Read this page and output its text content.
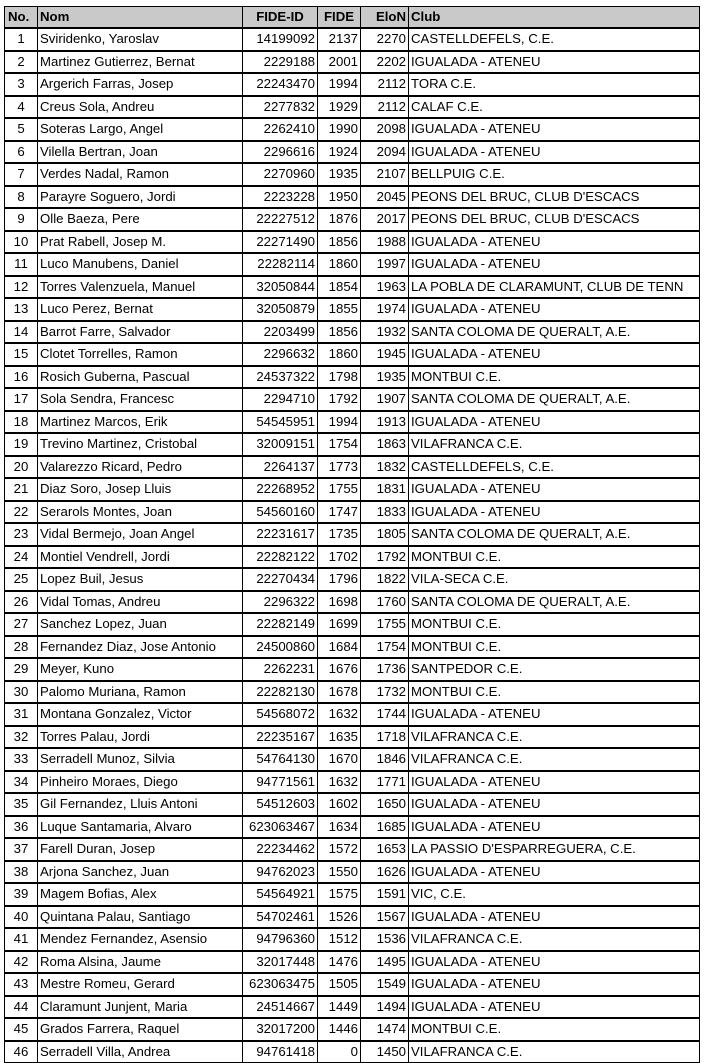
No.	Nom	FIDE-ID	FIDE	EloN	Club
1	Sviridenko, Yaroslav	14199092	2137	2270	CASTELLDEFELS, C.E.
2	Martinez Gutierrez, Bernat	2229188	2001	2202	IGUALADA - ATENEU
3	Argerich Farras, Josep	22243470	1994	2112	TORA C.E.
4	Creus Sola, Andreu	2277832	1929	2112	CALAF C.E.
5	Soteras Largo, Angel	2262410	1990	2098	IGUALADA - ATENEU
6	Vilella Bertran, Joan	2296616	1924	2094	IGUALADA - ATENEU
7	Verdes Nadal, Ramon	2270960	1935	2107	BELLPUIG C.E.
8	Parayre Soguero, Jordi	2223228	1950	2045	PEONS DEL BRUC, CLUB D'ESCACS
9	Olle Baeza, Pere	22227512	1876	2017	PEONS DEL BRUC, CLUB D'ESCACS
10	Prat Rabell, Josep M.	22271490	1856	1988	IGUALADA - ATENEU
11	Luco Manubens, Daniel	22282114	1860	1997	IGUALADA - ATENEU
12	Torres Valenzuela, Manuel	32050844	1854	1963	LA POBLA DE CLARAMUNT, CLUB DE TENN
13	Luco Perez, Bernat	32050879	1855	1974	IGUALADA - ATENEU
14	Barrot Farre, Salvador	2203499	1856	1932	SANTA COLOMA DE QUERALT, A.E.
15	Clotet Torrelles, Ramon	2296632	1860	1945	IGUALADA - ATENEU
16	Rosich Guberna, Pascual	24537322	1798	1935	MONTBUI C.E.
17	Sola Sendra, Francesc	2294710	1792	1907	SANTA COLOMA DE QUERALT, A.E.
18	Martinez Marcos, Erik	54545951	1994	1913	IGUALADA - ATENEU
19	Trevino Martinez, Cristobal	32009151	1754	1863	VILAFRANCA C.E.
20	Valarezzo Ricard, Pedro	2264137	1773	1832	CASTELLDEFELS, C.E.
21	Diaz Soro, Josep Lluis	22268952	1755	1831	IGUALADA - ATENEU
22	Serarols Montes, Joan	54560160	1747	1833	IGUALADA - ATENEU
23	Vidal Bermejo, Joan Angel	22231617	1735	1805	SANTA COLOMA DE QUERALT, A.E.
24	Montiel Vendrell, Jordi	22282122	1702	1792	MONTBUI C.E.
25	Lopez Buil, Jesus	22270434	1796	1822	VILA-SECA C.E.
26	Vidal Tomas, Andreu	2296322	1698	1760	SANTA COLOMA DE QUERALT, A.E.
27	Sanchez Lopez, Juan	22282149	1699	1755	MONTBUI C.E.
28	Fernandez Diaz, Jose Antonio	24500860	1684	1754	MONTBUI C.E.
29	Meyer, Kuno	2262231	1676	1736	SANTPEDOR C.E.
30	Palomo Muriana, Ramon	22282130	1678	1732	MONTBUI C.E.
31	Montana Gonzalez, Victor	54568072	1632	1744	IGUALADA - ATENEU
32	Torres Palau, Jordi	22235167	1635	1718	VILAFRANCA C.E.
33	Serradell Munoz, Silvia	54764130	1670	1846	VILAFRANCA C.E.
34	Pinheiro Moraes, Diego	94771561	1632	1771	IGUALADA - ATENEU
35	Gil Fernandez, Lluis Antoni	54512603	1602	1650	IGUALADA - ATENEU
36	Luque Santamaria, Alvaro	623063467	1634	1685	IGUALADA - ATENEU
37	Farell Duran, Josep	22234462	1572	1653	LA PASSIO D'ESPARREGUERA, C.E.
38	Arjona Sanchez, Juan	94762023	1550	1626	IGUALADA - ATENEU
39	Magem Bofias, Alex	54564921	1575	1591	VIC, C.E.
40	Quintana Palau, Santiago	54702461	1526	1567	IGUALADA - ATENEU
41	Mendez Fernandez, Asensio	94796360	1512	1536	VILAFRANCA C.E.
42	Roma Alsina, Jaume	32017448	1476	1495	IGUALADA - ATENEU
43	Mestre Romeu, Gerard	623063475	1505	1549	IGUALADA - ATENEU
44	Claramunt Junjent, Maria	24514667	1449	1494	IGUALADA - ATENEU
45	Grados Farrera, Raquel	32017200	1446	1474	MONTBUI C.E.
46	Serradell Villa, Andrea	94761418	0	1450	VILAFRANCA C.E.
